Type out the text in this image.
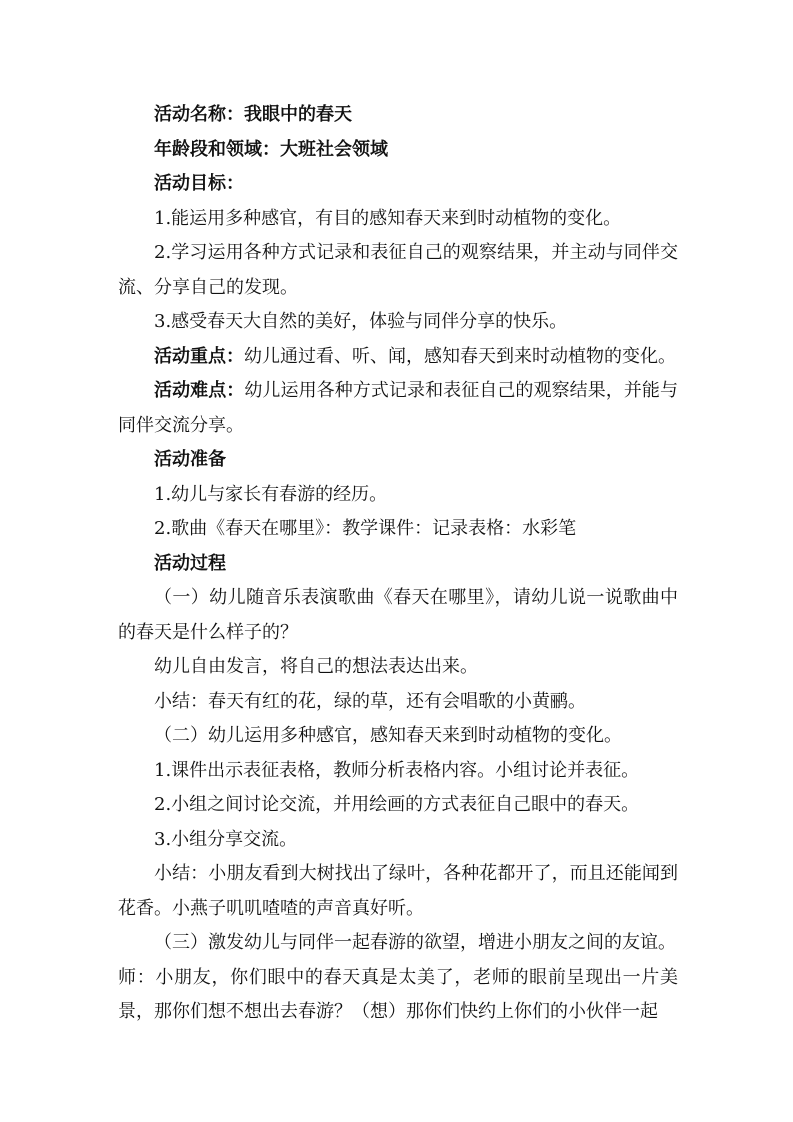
活动名称：我眼中的春天

年龄段和领域：大班社会领域

活动目标：

1.能运用多种感官，有目的感知春天来到时动植物的变化。

2.学习运用各种方式记录和表征自己的观察结果，并主动与同伴交流、分享自己的发现。

3.感受春天大自然的美好，体验与同伴分享的快乐。

活动重点：幼儿通过看、听、闻，感知春天到来时动植物的变化。

活动难点：幼儿运用各种方式记录和表征自己的观察结果，并能与同伴交流分享。

活动准备

1.幼儿与家长有春游的经历。

2.歌曲《春天在哪里》：教学课件：记录表格：水彩笔

活动过程

（一）幼儿随音乐表演歌曲《春天在哪里》，请幼儿说一说歌曲中的春天是什么样子的？

幼儿自由发言，将自己的想法表达出来。

小结：春天有红的花，绿的草，还有会唱歌的小黄鹂。

（二）幼儿运用多种感官，感知春天来到时动植物的变化。

1.课件出示表征表格，教师分析表格内容。小组讨论并表征。

2.小组之间讨论交流，并用绘画的方式表征自己眼中的春天。

3.小组分享交流。

小结：小朋友看到大树找出了绿叶，各种花都开了，而且还能闻到花香。小燕子叽叽喳喳的声音真好听。

（三）激发幼儿与同伴一起春游的欲望，增进小朋友之间的友谊。

师：小朋友，你们眼中的春天真是太美了，老师的眼前呈现出一片美景，那你们想不想出去春游？（想）那你们快约上你们的小伙伴一起
